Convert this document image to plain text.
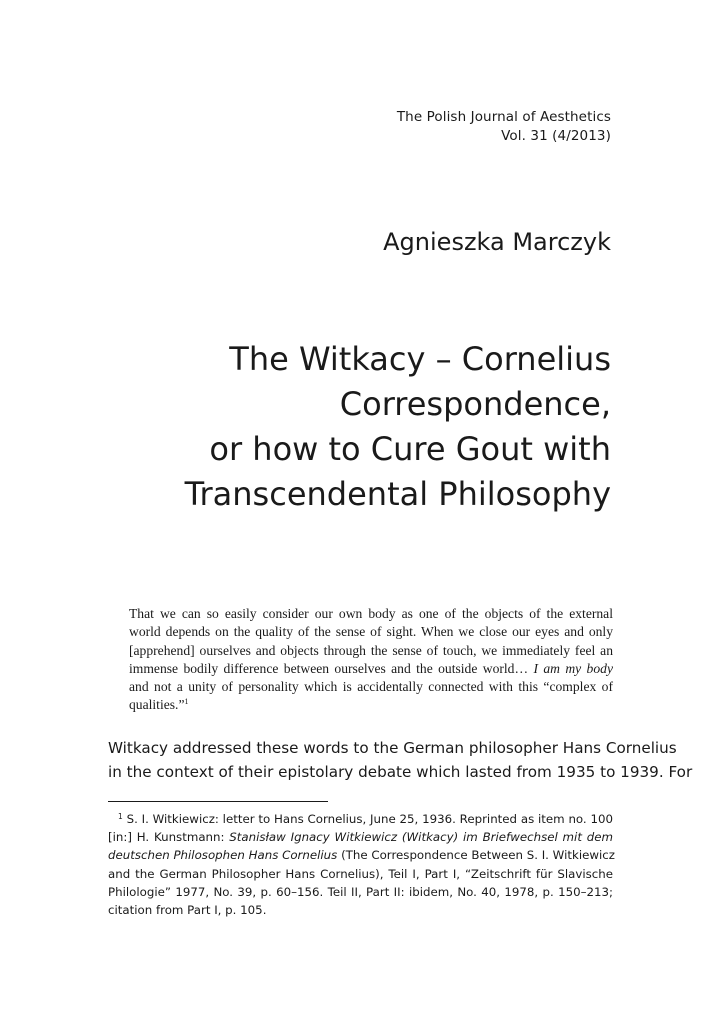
The Polish Journal of Aesthetics
Vol. 31 (4/2013)
Agnieszka Marczyk
The Witkacy – Cornelius
Correspondence,
or how to Cure Gout with
Transcendental Philosophy
That we can so easily consider our own body as one of the objects of the external
world depends on the quality of the sense of sight. When we close our eyes and only
[apprehend] ourselves and objects through the sense of touch, we immediately feel an
immense bodily difference between ourselves and the outside world… I am my body
and not a unity of personality which is accidentally connected with this “complex of
qualities.”$^1$
Witkacy addressed these words to the German philosopher Hans Cornelius
in the context of their epistolary debate which lasted from 1935 to 1939. For
$^1$ S. I. Witkiewicz: letter to Hans Cornelius, June 25, 1936. Reprinted as item no. 100
[in:] H. Kunstmann: Stanisław Ignacy Witkiewicz (Witkacy) im Briefwechsel mit dem
deutschen Philosophen Hans Cornelius (The Correspondence Between S. I. Witkiewicz
and the German Philosopher Hans Cornelius), Teil I, Part I, “Zeitschrift für Slavische
Philologie” 1977, No. 39, p. 60–156. Teil II, Part II: ibidem, No. 40, 1978, p. 150–213;
citation from Part I, p. 105.
